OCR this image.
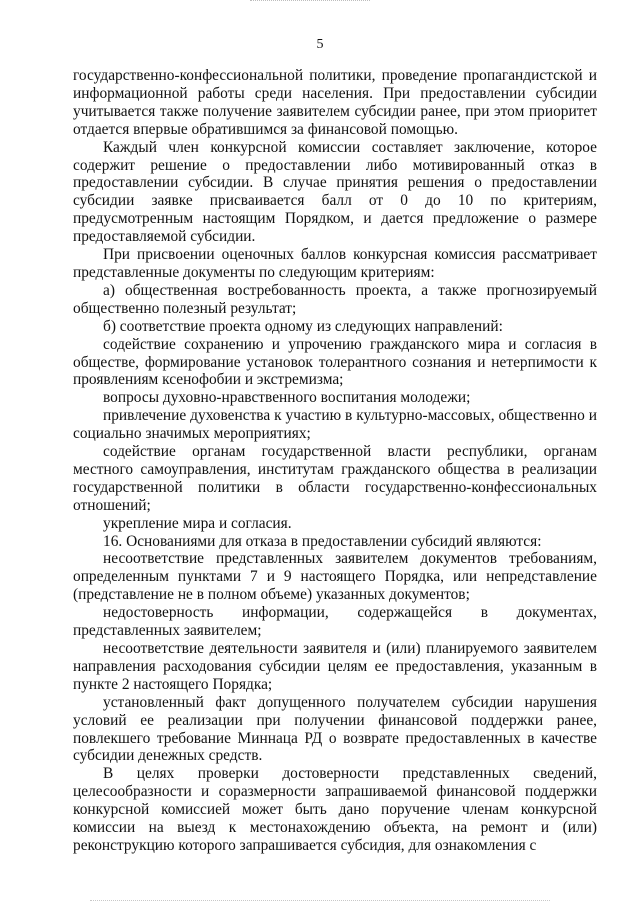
5

государственно-конфессиональной политики, проведение пропагандистской и информационной работы среди населения. При предоставлении субсидии учитывается также получение заявителем субсидии ранее, при этом приоритет отдается впервые обратившимся за финансовой помощью.

Каждый член конкурсной комиссии составляет заключение, которое содержит решение о предоставлении либо мотивированный отказ в предоставлении субсидии. В случае принятия решения о предоставлении субсидии заявке присваивается балл от 0 до 10 по критериям, предусмотренным настоящим Порядком, и дается предложение о размере предоставляемой субсидии.

При присвоении оценочных баллов конкурсная комиссия рассматривает представленные документы по следующим критериям:

а) общественная востребованность проекта, а также прогнозируемый общественно полезный результат;

б) соответствие проекта одному из следующих направлений:

содействие сохранению и упрочению гражданского мира и согласия в обществе, формирование установок толерантного сознания и нетерпимости к проявлениям ксенофобии и экстремизма;

вопросы духовно-нравственного воспитания молодежи;

привлечение духовенства к участию в культурно-массовых, общественно и социально значимых мероприятиях;

содействие органам государственной власти республики, органам местного самоуправления, институтам гражданского общества в реализации государственной политики в области государственно-конфессиональных отношений;

укрепление мира и согласия.

16. Основаниями для отказа в предоставлении субсидий являются:

несоответствие представленных заявителем документов требованиям, определенным пунктами 7 и 9 настоящего Порядка, или непредставление (представление не в полном объеме) указанных документов;

недостоверность информации, содержащейся в документах, представленных заявителем;

несоответствие деятельности заявителя и (или) планируемого заявителем направления расходования субсидии целям ее предоставления, указанным в пункте 2 настоящего Порядка;

установленный факт допущенного получателем субсидии нарушения условий ее реализации при получении финансовой поддержки ранее, повлекшего требование Миннаца РД о возврате предоставленных в качестве субсидии денежных средств.

В целях проверки достоверности представленных сведений, целесообразности и соразмерности запрашиваемой финансовой поддержки конкурсной комиссией может быть дано поручение членам конкурсной комиссии на выезд к местонахождению объекта, на ремонт и (или) реконструкцию которого запрашивается субсидия, для ознакомления с
